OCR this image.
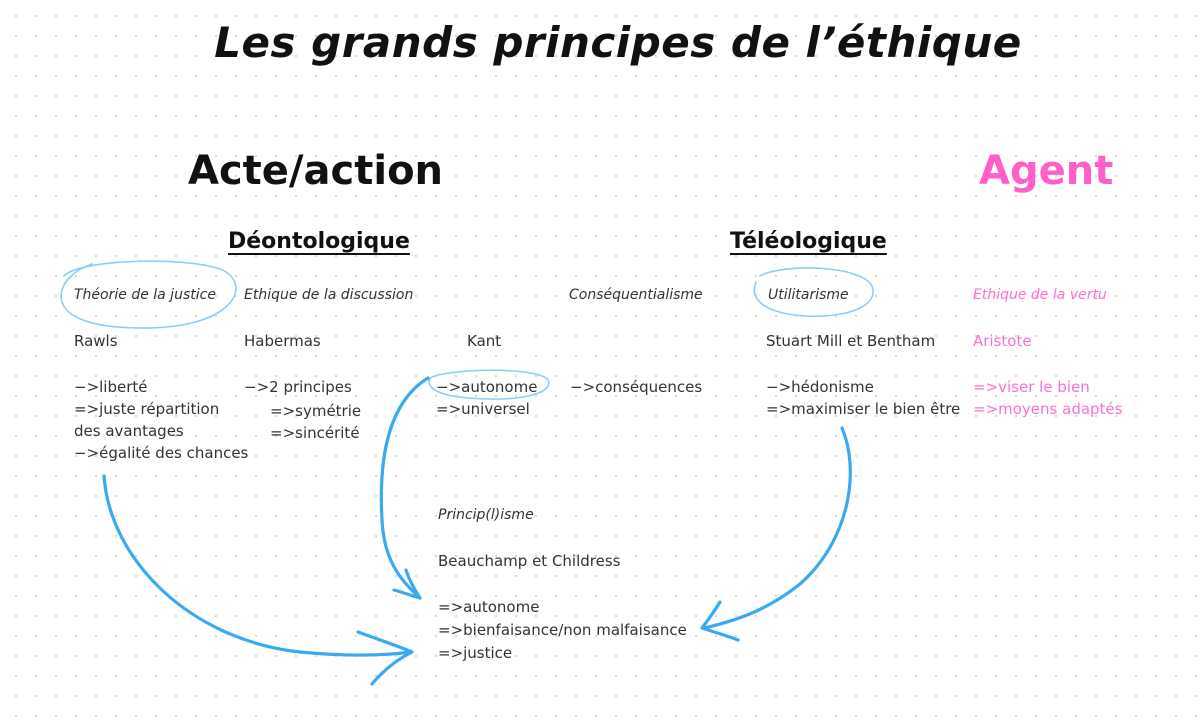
Les grands principes de l’éthique
Acte/action	Agent
Déontologique	Téléologique
Théorie de la justice
Rawls
−>liberté
=>juste répartition
des avantages
−>égalité des chances
Ethique de la discussion
Habermas
−>2 principes
=>symétrie
=>sincérité
Kant
−>autonome
=>universel
Conséquentialisme
−>conséquences
Utilitarisme
Stuart Mill et Bentham
−>hédonisme
=>maximiser le bien être
Ethique de la vertu
Aristote
=>viser le bien
=>moyens adaptés
Princip(l)isme
Beauchamp et Childress
=>autonome
=>bienfaisance/non malfaisance
=>justice
